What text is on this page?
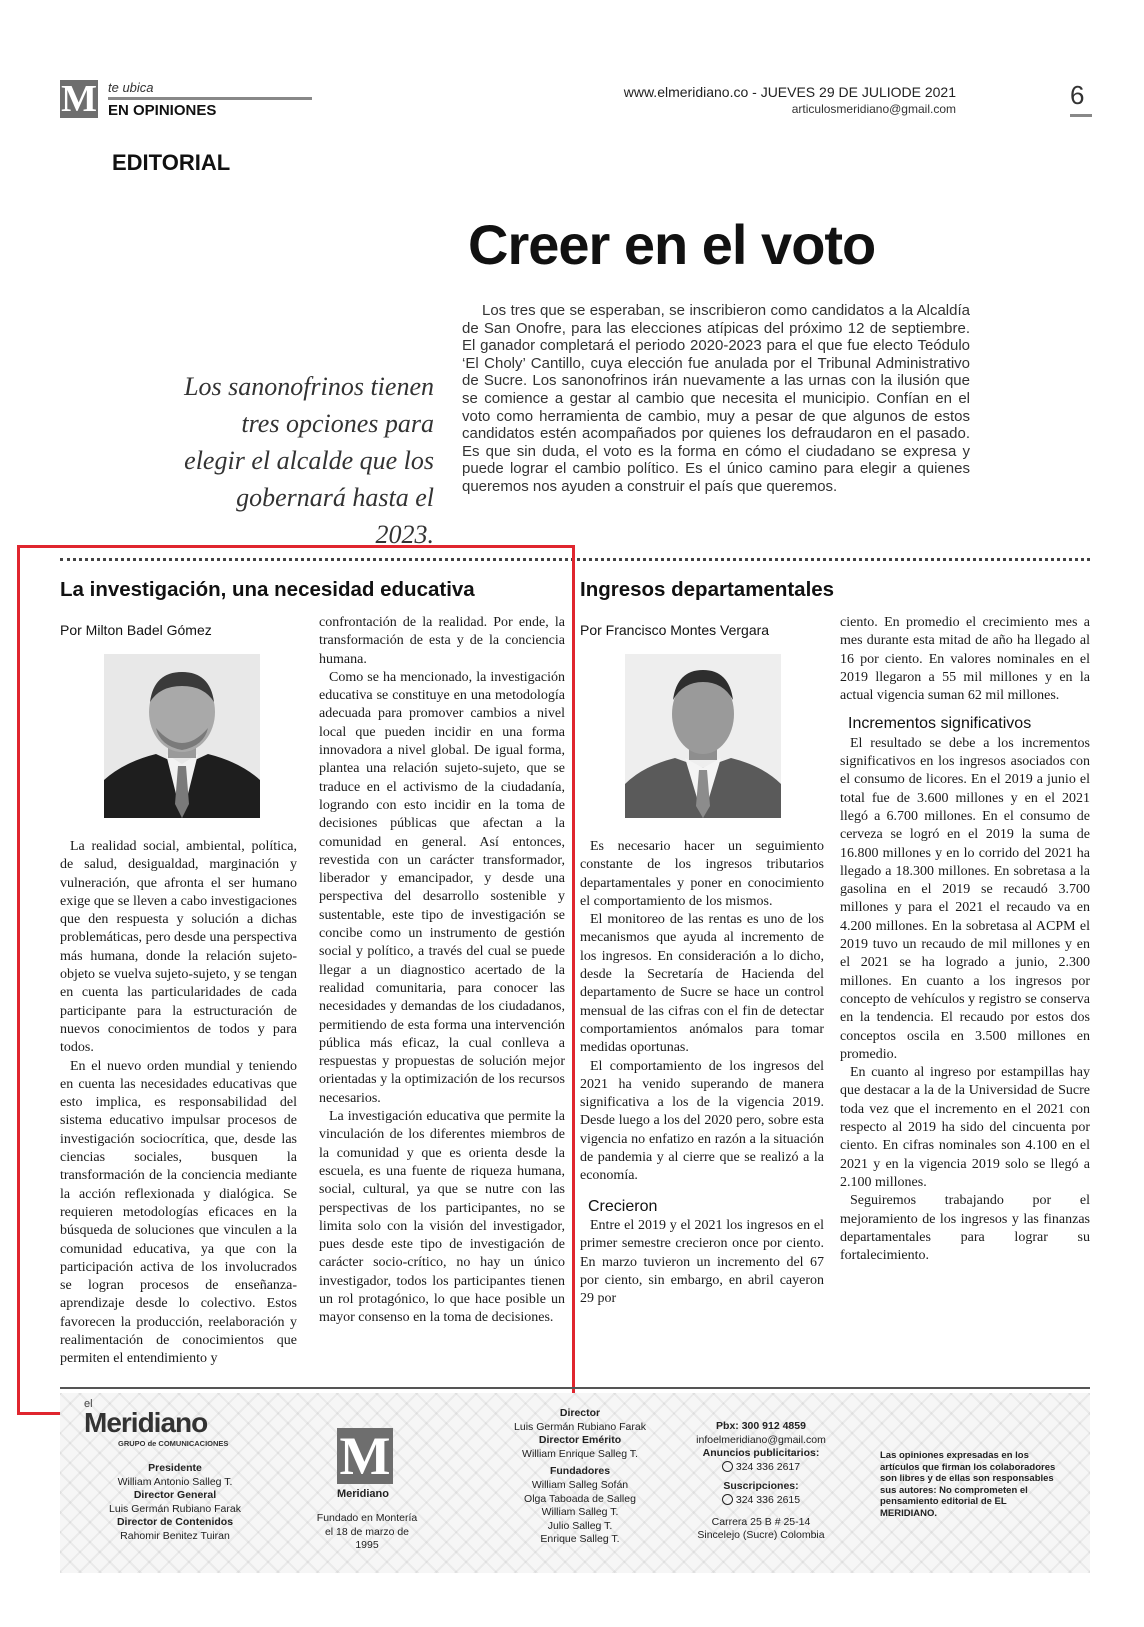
M te ubica
EN OPINIONES
www.elmeridiano.co - JUEVES 29 DE JULIODE 2021
articulosmeridiano@gmail.com	6
EDITORIAL
Creer en el voto
Los sanonofrinos tienen tres opciones para elegir el alcalde que los gobernará hasta el 2023.
Los tres que se esperaban, se inscribieron como candidatos a la Alcaldía de San Onofre, para las elecciones atípicas del próximo 12 de septiembre. El ganador completará el periodo 2020-2023 para el que fue electo Teódulo ‘El Choly’ Cantillo, cuya elección fue anulada por el Tribunal Administrativo de Sucre. Los sanonofrinos irán nuevamente a las urnas con la ilusión que se comience a gestar al cambio que necesita el municipio. Confían en el voto como herramienta de cambio, muy a pesar de que algunos de estos candidatos estén acompañados por quienes los defraudaron en el pasado. Es que sin duda, el voto es la forma en cómo el ciudadano se expresa y puede lograr el cambio político. Es el único camino para elegir a quienes queremos nos ayuden a construir el país que queremos.
La investigación, una necesidad educativa
Por Milton Badel Gómez

La realidad social, ambiental, política, de salud, desigualdad, marginación y vulneración, que afronta el ser humano exige que se lleven a cabo investigaciones que den respuesta y solución a dichas problemáticas, pero desde una perspectiva más humana, donde la relación sujeto-objeto se vuelva sujeto-sujeto, y se tengan en cuenta las particularidades de cada participante para la estructuración de nuevos conocimientos de todos y para todos.

En el nuevo orden mundial y teniendo en cuenta las necesidades educativas que esto implica, es responsabilidad del sistema educativo impulsar procesos de investigación sociocrítica, que, desde las ciencias sociales, busquen la transformación de la conciencia mediante la acción reflexionada y dialógica. Se requieren metodologías eficaces en la búsqueda de soluciones que vinculen a la comunidad educativa, ya que con la participación activa de los involucrados se logran procesos de enseñanza-aprendizaje desde lo colectivo. Estos favorecen la producción, reelaboración y realimentación de conocimientos que permiten el entendimiento y

confrontación de la realidad. Por ende, la transformación de esta y de la conciencia humana.

Como se ha mencionado, la investigación educativa se constituye en una metodología adecuada para promover cambios a nivel local que pueden incidir en una forma innovadora a nivel global. De igual forma, plantea una relación sujeto-sujeto, que se traduce en el activismo de la ciudadanía, logrando con esto incidir en la toma de decisiones públicas que afectan a la comunidad en general. Así entonces, revestida con un carácter transformador, liberador y emancipador, y desde una perspectiva del desarrollo sostenible y sustentable, este tipo de investigación se concibe como un instrumento de gestión social y político, a través del cual se puede llegar a un diagnostico acertado de la realidad comunitaria, para conocer las necesidades y demandas de los ciudadanos, permitiendo de esta forma una intervención pública más eficaz, la cual conlleva a respuestas y propuestas de solución mejor orientadas y la optimización de los recursos necesarios.

La investigación educativa que permite la vinculación de los diferentes miembros de la comunidad y que es orienta desde la escuela, es una fuente de riqueza humana, social, cultural, ya que se nutre con las perspectivas de los participantes, no se limita solo con la visión del investigador, pues desde este tipo de investigación de carácter socio-crítico, no hay un único investigador, todos los participantes tienen un rol protagónico, lo que hace posible un mayor consenso en la toma de decisiones.

Ingresos departamentales
Por Francisco Montes Vergara

Es necesario hacer un seguimiento constante de los ingresos tributarios departamentales y poner en conocimiento el comportamiento de los mismos.

El monitoreo de las rentas es uno de los mecanismos que ayuda al incremento de los ingresos. En consideración a lo dicho, desde la Secretaría de Hacienda del departamento de Sucre se hace un control mensual de las cifras con el fin de detectar comportamientos anómalos para tomar medidas oportunas.

El comportamiento de los ingresos del 2021 ha venido superando de manera significativa a los de la vigencia 2019. Desde luego a los del 2020 pero, sobre esta vigencia no enfatizo en razón a la situación de pandemia y al cierre que se realizó a la economía.

Crecieron

Entre el 2019 y el 2021 los ingresos en el primer semestre crecieron once por ciento. En marzo tuvieron un incremento del 67 por ciento, sin embargo, en abril cayeron 29 por

ciento. En promedio el crecimiento mes a mes durante esta mitad de año ha llegado al 16 por ciento. En valores nominales en el 2019 llegaron a 55 mil millones y en la actual vigencia suman 62 mil millones.

Incrementos significativos

El resultado se debe a los incrementos significativos en los ingresos asociados con el consumo de licores. En el 2019 a junio el total fue de 3.600 millones y en el 2021 llegó a 6.700 millones. En el consumo de cerveza se logró en el 2019 la suma de 16.800 millones y en lo corrido del 2021 ha llegado a 18.300 millones. En sobretasa a la gasolina en el 2019 se recaudó 3.700 millones y para el 2021 el recaudo va en 4.200 millones. En la sobretasa al ACPM el 2019 tuvo un recaudo de mil millones y en el 2021 se ha logrado a junio, 2.300 millones. En cuanto a los ingresos por concepto de vehículos y registro se conserva en la tendencia. El recaudo por estos dos conceptos oscila en 3.500 millones en promedio.

En cuanto al ingreso por estampillas hay que destacar a la de la Universidad de Sucre toda vez que el incremento en el 2021 con respecto al 2019 ha sido del cincuenta por ciento. En cifras nominales son 4.100 en el 2021 y en la vigencia 2019 solo se llegó a 2.100 millones.

Seguiremos trabajando por el mejoramiento de los ingresos y las finanzas departamentales para lograr su fortalecimiento.

el
Meridiano
GRUPO de COMUNICACIONES
Presidente
William Antonio Salleg T.
Director General
Luis Germán Rubiano Farak
Director de Contenidos
Rahomir Benitez Tuiran
M
Meridiano
Fundado en Montería el 18 de marzo de 1995
Director
Luis Germán Rubiano Farak
Director Emérito
William Enrique Salleg T.
Fundadores
William Salleg Sofán
Olga Taboada de Salleg
William Salleg T.
Julio Salleg T.
Enrique Salleg T.
Pbx: 300 912 4859
infoelmeridiano@gmail.com
Anuncios publicitarios:
324 336 2617
Suscripciones:
324 336 2615
Carrera 25 B # 25-14
Sincelejo (Sucre) Colombia
Las opiniones expresadas en los artículos que firman los colaboradores son libres y de ellas son responsables sus autores: No comprometen el pensamiento editorial de EL MERIDIANO.
